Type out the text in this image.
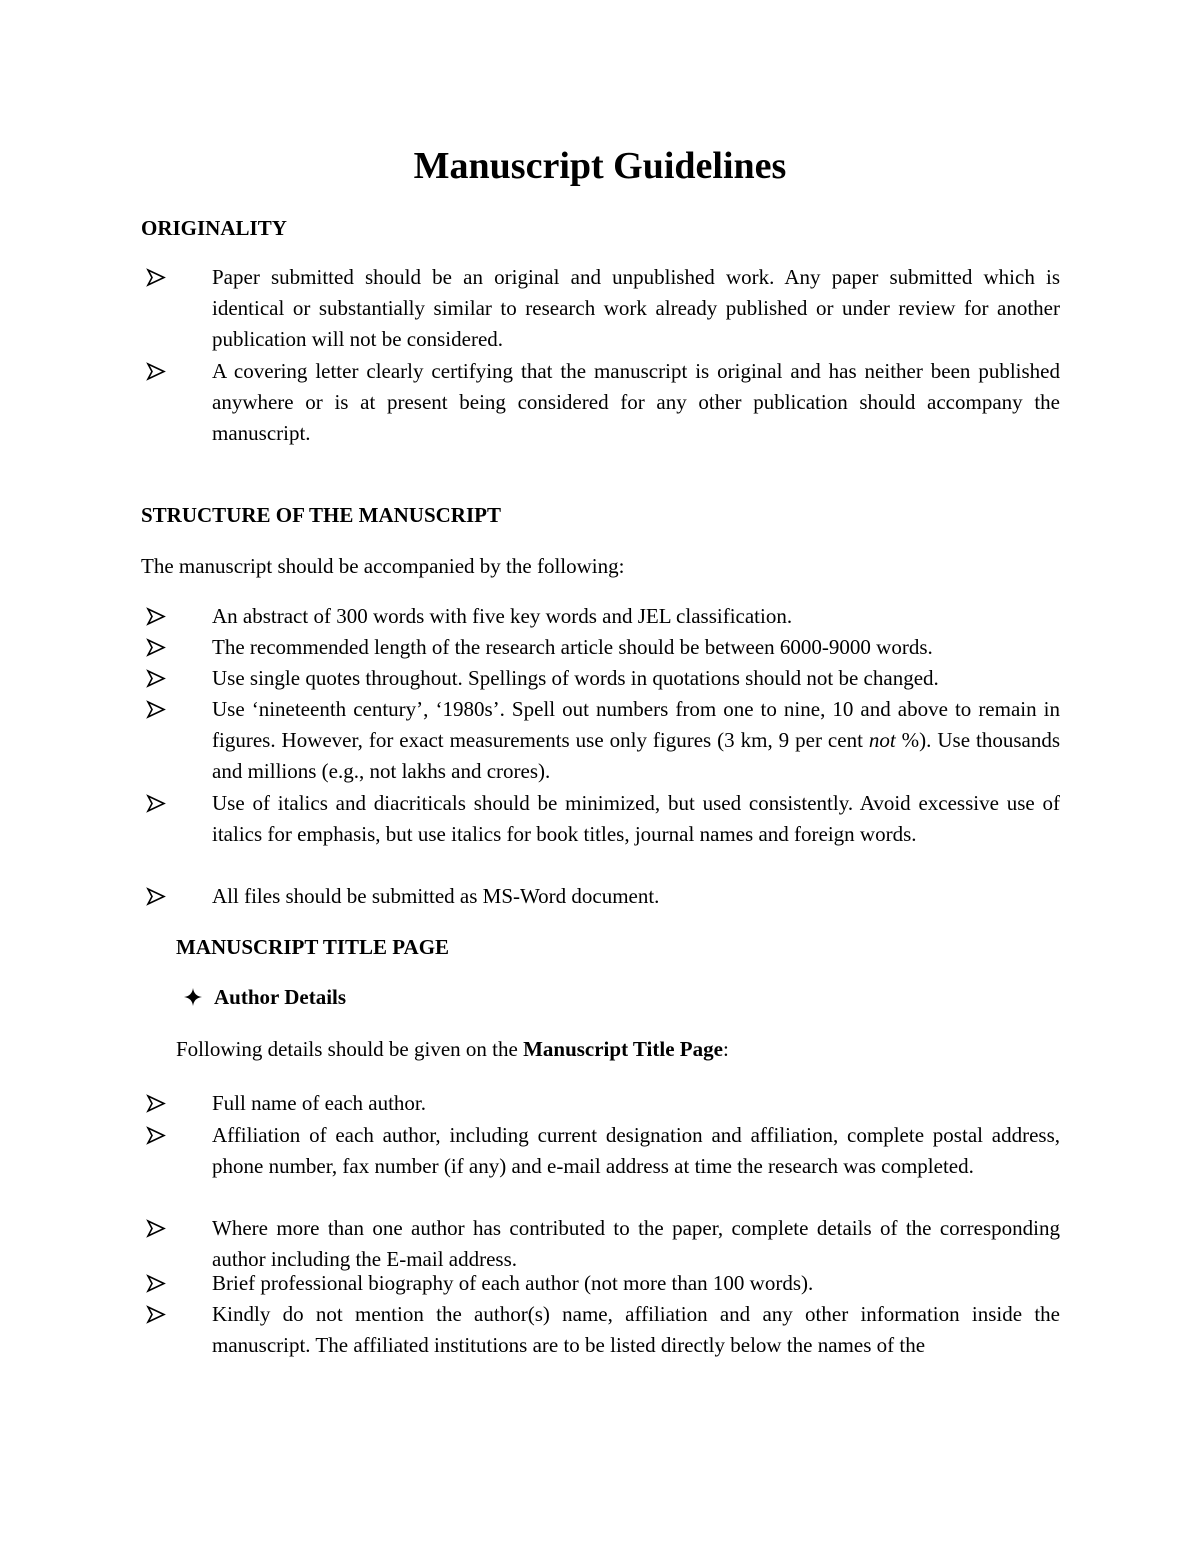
Manuscript Guidelines
ORIGINALITY
Paper submitted should be an original and unpublished work. Any paper submitted which is identical or substantially similar to research work already published or under review for another publication will not be considered.
A covering letter clearly certifying that the manuscript is original and has neither been published anywhere or is at present being considered for any other publication should accompany the manuscript.
STRUCTURE OF THE MANUSCRIPT
The manuscript should be accompanied by the following:
An abstract of 300 words with five key words and JEL classification.
The recommended length of the research article should be between 6000-9000 words.
Use single quotes throughout. Spellings of words in quotations should not be changed.
Use ‘nineteenth century’, ‘1980s’. Spell out numbers from one to nine, 10 and above to remain in figures. However, for exact measurements use only figures (3 km, 9 per cent not %). Use thousands and millions (e.g., not lakhs and crores).
Use of italics and diacriticals should be minimized, but used consistently. Avoid excessive use of italics for emphasis, but use italics for book titles, journal names and foreign words.
All files should be submitted as MS-Word document.
MANUSCRIPT TITLE PAGE
Author Details
Following details should be given on the Manuscript Title Page:
Full name of each author.
Affiliation of each author, including current designation and affiliation, complete postal address, phone number, fax number (if any) and e-mail address at time the research was completed.
Where more than one author has contributed to the paper, complete details of the corresponding author including the E-mail address.
Brief professional biography of each author (not more than 100 words).
Kindly do not mention the author(s) name, affiliation and any other information inside the manuscript. The affiliated institutions are to be listed directly below the names of the
